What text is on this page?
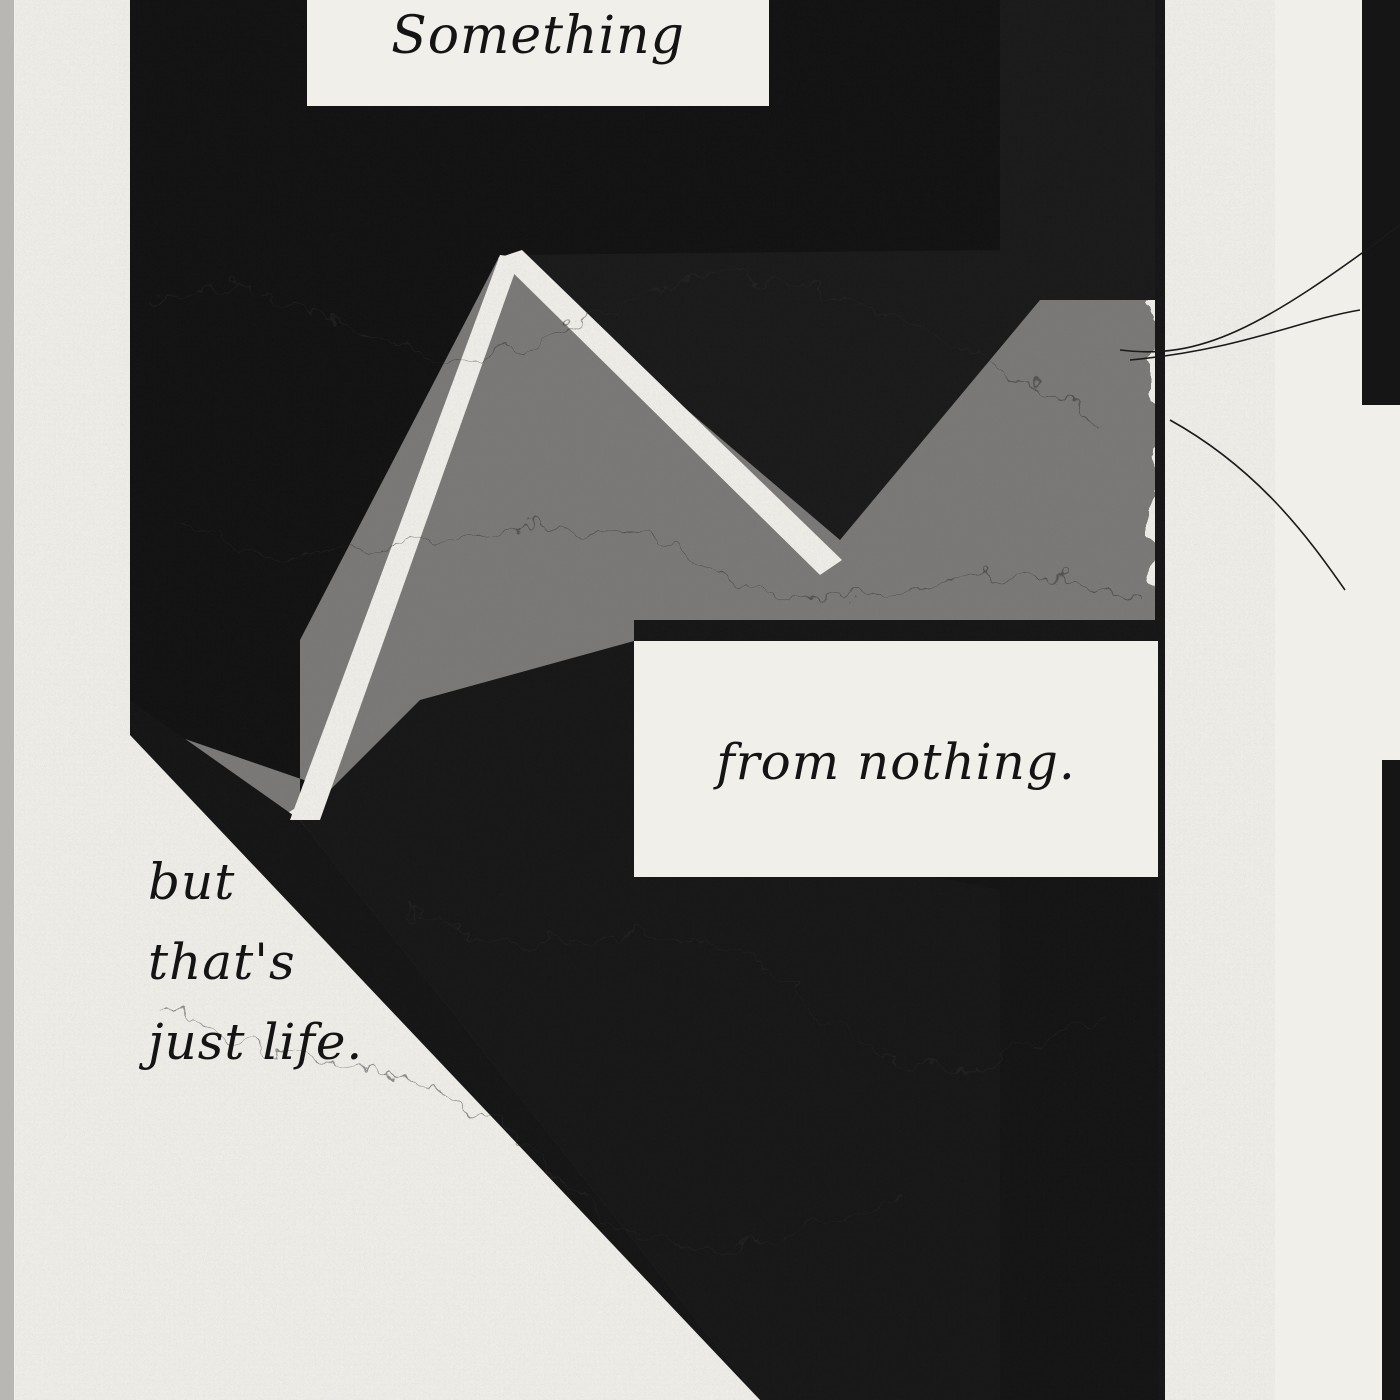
Something
from nothing.
but
that's
just life.
